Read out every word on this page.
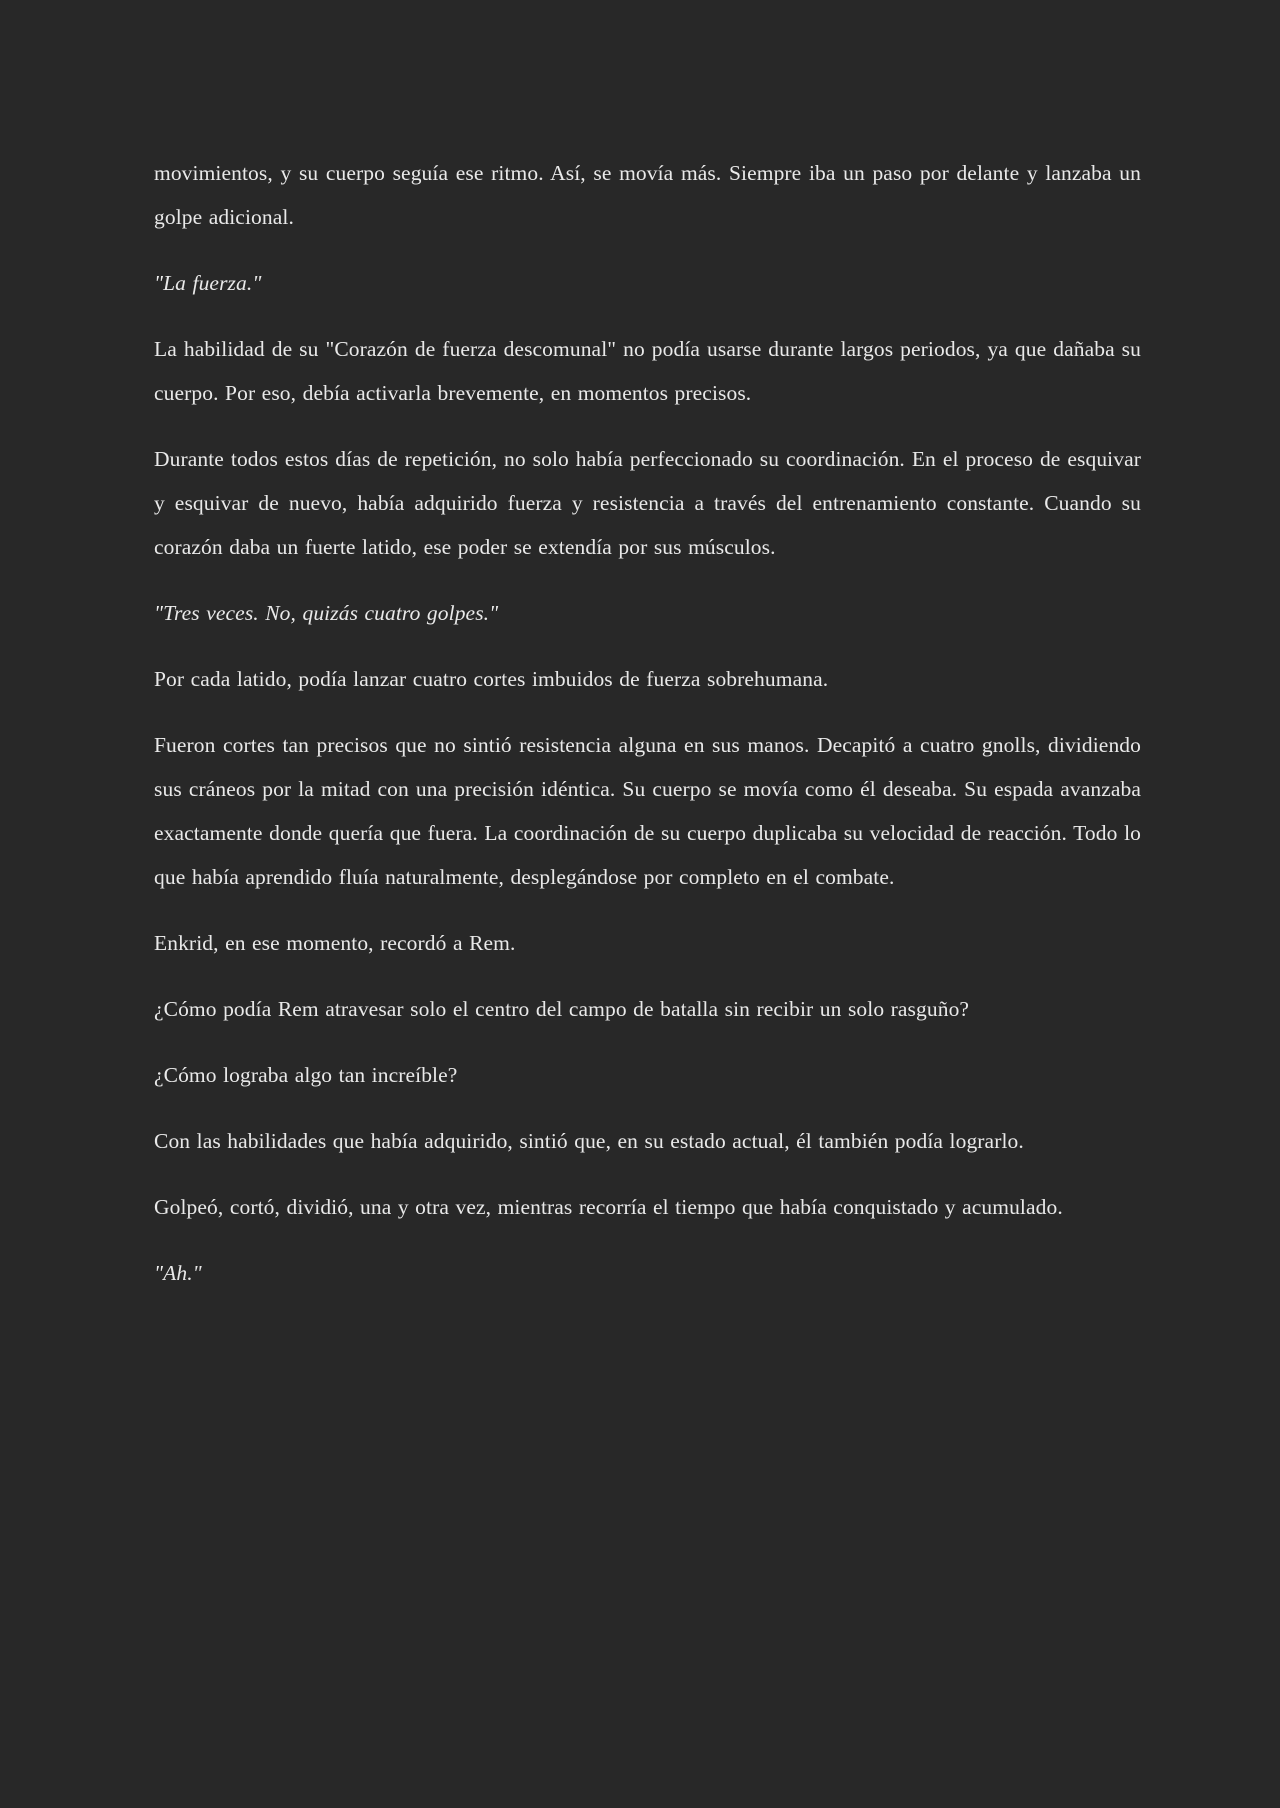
movimientos, y su cuerpo seguía ese ritmo. Así, se movía más. Siempre iba un paso por delante y lanzaba un golpe adicional.

"La fuerza."

La habilidad de su "Corazón de fuerza descomunal" no podía usarse durante largos periodos, ya que dañaba su cuerpo. Por eso, debía activarla brevemente, en momentos precisos.

Durante todos estos días de repetición, no solo había perfeccionado su coordinación. En el proceso de esquivar y esquivar de nuevo, había adquirido fuerza y resistencia a través del entrenamiento constante. Cuando su corazón daba un fuerte latido, ese poder se extendía por sus músculos.

"Tres veces. No, quizás cuatro golpes."

Por cada latido, podía lanzar cuatro cortes imbuidos de fuerza sobrehumana.

Fueron cortes tan precisos que no sintió resistencia alguna en sus manos. Decapitó a cuatro gnolls, dividiendo sus cráneos por la mitad con una precisión idéntica. Su cuerpo se movía como él deseaba. Su espada avanzaba exactamente donde quería que fuera. La coordinación de su cuerpo duplicaba su velocidad de reacción. Todo lo que había aprendido fluía naturalmente, desplegándose por completo en el combate.

Enkrid, en ese momento, recordó a Rem.

¿Cómo podía Rem atravesar solo el centro del campo de batalla sin recibir un solo rasguño?

¿Cómo lograba algo tan increíble?

Con las habilidades que había adquirido, sintió que, en su estado actual, él también podía lograrlo.

Golpeó, cortó, dividió, una y otra vez, mientras recorría el tiempo que había conquistado y acumulado.

"Ah."
